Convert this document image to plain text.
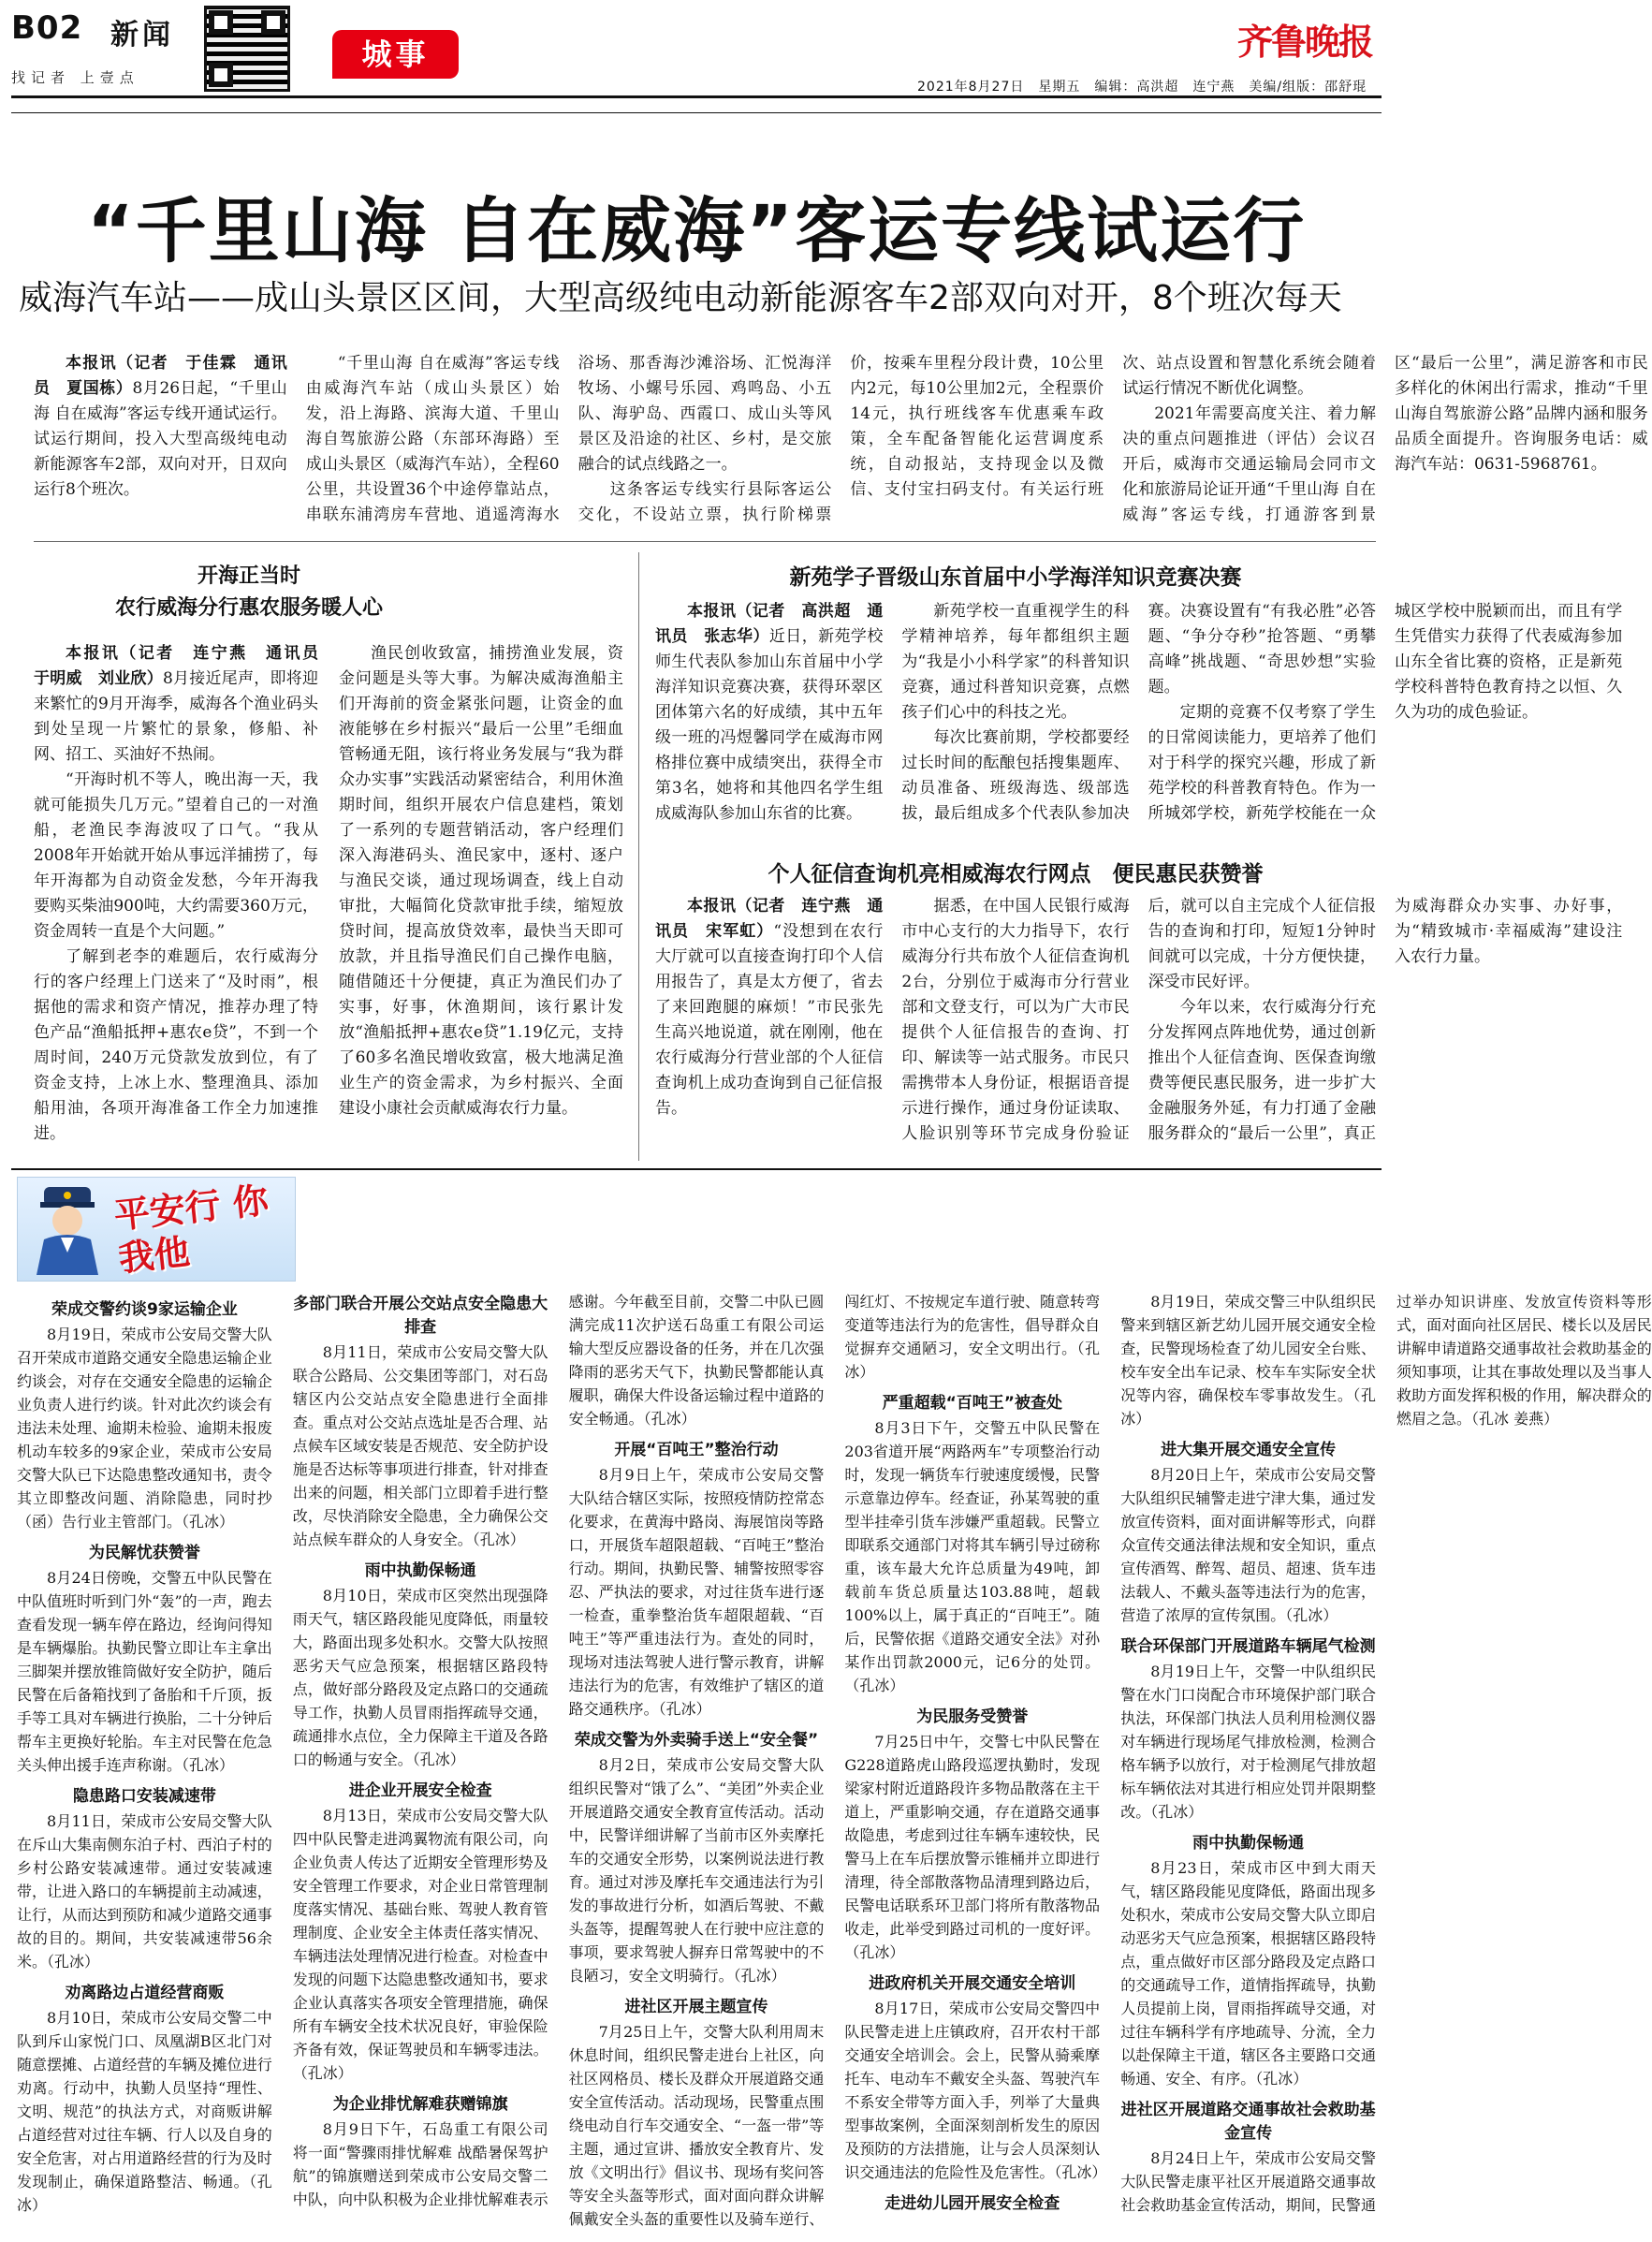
B02 新闻
找记者 上壹点
城事	齐鲁晚报
2021年8月27日　星期五　编辑：高洪超　连宁燕　美编/组版：邵舒琨
“千里山海 自在威海”客运专线试运行
威海汽车站——成山头景区区间，大型高级纯电动新能源客车2部双向对开，8个班次每天

本报讯（记者　于佳霖　通讯员　夏国栋）8月26日起，“千里山海 自在威海”客运专线开通试运行。试运行期间，投入大型高级纯电动新能源客车2部，双向对开，日双向运行8个班次。

“千里山海 自在威海”客运专线由威海汽车站（成山头景区）始发，沿上海路、滨海大道、千里山海自驾旅游公路（东部环海路）至成山头景区（威海汽车站），全程60公里，共设置36个中途停靠站点，串联东浦湾房车营地、逍遥湾海水浴场、那香海沙滩浴场、汇悦海洋牧场、小螺号乐园、鸡鸣岛、小五队、海驴岛、西霞口、成山头等风景区及沿途的社区、乡村，是交旅融合的试点线路之一。

这条客运专线实行县际客运公交化，不设站立票，执行阶梯票价，按乘车里程分段计费，10公里内2元，每10公里加2元，全程票价14元，执行班线客车优惠乘车政策，全车配备智能化运营调度系统，自动报站，支持现金以及微信、支付宝扫码支付。有关运行班次、站点设置和智慧化系统会随着试运行情况不断优化调整。

2021年需要高度关注、着力解决的重点问题推进（评估）会议召开后，威海市交通运输局会同市文化和旅游局论证开通“千里山海 自在威海”客运专线，打通游客到景区“最后一公里”，满足游客和市民多样化的休闲出行需求，推动“千里山海自驾旅游公路”品牌内涵和服务品质全面提升。咨询服务电话：威海汽车站：0631-5968761。

开海正当时
农行威海分行惠农服务暖人心

本报讯（记者　连宁燕　通讯员　于明威　刘业欣）8月接近尾声，即将迎来繁忙的9月开海季，威海各个渔业码头到处呈现一片繁忙的景象，修船、补网、招工、买油好不热闹。

“开海时机不等人，晚出海一天，我就可能损失几万元。”望着自己的一对渔船，老渔民李海波叹了口气。“我从2008年开始就开始从事远洋捕捞了，每年开海都为自动资金发愁，今年开海我要购买柴油900吨，大约需要360万元，资金周转一直是个大问题。”

了解到老李的难题后，农行威海分行的客户经理上门送来了“及时雨”，根据他的需求和资产情况，推荐办理了特色产品“渔船抵押+惠农e贷”，不到一个周时间，240万元贷款发放到位，有了资金支持，上冰上水、整理渔具、添加船用油，各项开海准备工作全力加速推进。

渔民创收致富，捕捞渔业发展，资金问题是头等大事。为解决威海渔船主们开海前的资金紧张问题，让资金的血液能够在乡村振兴“最后一公里”毛细血管畅通无阻，该行将业务发展与“我为群众办实事”实践活动紧密结合，利用休渔期时间，组织开展农户信息建档，策划了一系列的专题营销活动，客户经理们深入海港码头、渔民家中，逐村、逐户与渔民交谈，通过现场调查，线上自动审批，大幅简化贷款审批手续，缩短放贷时间，提高放贷效率，最快当天即可放款，并且指导渔民们自己操作电脑，随借随还十分便捷，真正为渔民们办了实事，好事，休渔期间，该行累计发放“渔船抵押+惠农e贷”1.19亿元，支持了60多名渔民增收致富，极大地满足渔业生产的资金需求，为乡村振兴、全面建设小康社会贡献威海农行力量。

新苑学子晋级山东首届中小学海洋知识竞赛决赛

本报讯（记者　高洪超　通讯员　张志华）近日，新苑学校师生代表队参加山东首届中小学海洋知识竞赛决赛，获得环翠区团体第六名的好成绩，其中五年级一班的冯煜馨同学在威海市网格排位赛中成绩突出，获得全市第3名，她将和其他四名学生组成威海队参加山东省的比赛。

新苑学校一直重视学生的科学精神培养，每年都组织主题为“我是小小科学家”的科普知识竞赛，通过科普知识竞赛，点燃孩子们心中的科技之光。

每次比赛前期，学校都要经过长时间的酝酿包括搜集题库、动员准备、班级海选、级部选拔，最后组成多个代表队参加决赛。决赛设置有“有我必胜”必答题、“争分夺秒”抢答题、“勇攀高峰”挑战题、“奇思妙想”实验题。

定期的竞赛不仅考察了学生的日常阅读能力，更培养了他们对于科学的探究兴趣，形成了新苑学校的科普教育特色。作为一所城郊学校，新苑学校能在一众城区学校中脱颖而出，而且有学生凭借实力获得了代表威海参加山东全省比赛的资格，正是新苑学校科普特色教育持之以恒、久久为功的成色验证。

个人征信查询机亮相威海农行网点　便民惠民获赞誉

本报讯（记者　连宁燕　通讯员　宋军虹）“没想到在农行大厅就可以直接查询打印个人信用报告了，真是太方便了，省去了来回跑腿的麻烦！”市民张先生高兴地说道，就在刚刚，他在农行威海分行营业部的个人征信查询机上成功查询到自己征信报告。

据悉，在中国人民银行威海市中心支行的大力指导下，农行威海分行共布放个人征信查询机2台，分别位于威海市分行营业部和文登支行，可以为广大市民提供个人征信报告的查询、打印、解读等一站式服务。市民只需携带本人身份证，根据语音提示进行操作，通过身份证读取、人脸识别等环节完成身份验证后，就可以自主完成个人征信报告的查询和打印，短短1分钟时间就可以完成，十分方便快捷，深受市民好评。

今年以来，农行威海分行充分发挥网点阵地优势，通过创新推出个人征信查询、医保查询缴费等便民惠民服务，进一步扩大金融服务外延，有力打通了金融服务群众的“最后一公里”，真正为威海群众办实事、办好事，为“精致城市·幸福威海”建设注入农行力量。

平安行 你我他

荣成交警约谈9家运输企业

8月19日，荣成市公安局交警大队召开荣成市道路交通安全隐患运输企业约谈会，对存在交通安全隐患的运输企业负责人进行约谈。针对此次约谈会有违法未处理、逾期未检验、逾期未报废机动车较多的9家企业，荣成市公安局交警大队已下达隐患整改通知书，责令其立即整改问题、消除隐患，同时抄（函）告行业主管部门。（孔冰）

为民解忧获赞誉

8月24日傍晚，交警五中队民警在中队值班时听到门外“轰”的一声，跑去查看发现一辆车停在路边，经询问得知是车辆爆胎。执勤民警立即让车主拿出三脚架并摆放锥筒做好安全防护，随后民警在后备箱找到了备胎和千斤顶，扳手等工具对车辆进行换胎，二十分钟后帮车主更换好轮胎。车主对民警在危急关头伸出援手连声称谢。（孔冰）

隐患路口安装减速带

8月11日，荣成市公安局交警大队在斥山大集南侧东泊子村、西泊子村的乡村公路安装减速带。通过安装减速带，让进入路口的车辆提前主动减速，让行，从而达到预防和减少道路交通事故的目的。期间，共安装减速带56余米。（孔冰）

劝离路边占道经营商贩

8月10日，荣成市公安局交警二中队到斥山家悦门口、凤凰湖B区北门对随意摆摊、占道经营的车辆及摊位进行劝离。行动中，执勤人员坚持“理性、文明、规范”的执法方式，对商贩讲解占道经营对过往车辆、行人以及自身的安全危害，对占用道路经营的行为及时发现制止，确保道路整洁、畅通。（孔冰）

多部门联合开展公交站点安全隐患大排查

8月11日，荣成市公安局交警大队联合公路局、公交集团等部门，对石岛辖区内公交站点安全隐患进行全面排查。重点对公交站点选址是否合理、站点候车区域安装是否规范、安全防护设施是否达标等事项进行排查，针对排查出来的问题，相关部门立即着手进行整改，尽快消除安全隐患，全力确保公交站点候车群众的人身安全。（孔冰）

雨中执勤保畅通

8月10日，荣成市区突然出现强降雨天气，辖区路段能见度降低，雨量较大，路面出现多处积水。交警大队按照恶劣天气应急预案，根据辖区路段特点，做好部分路段及定点路口的交通疏导工作，执勤人员冒雨指挥疏导交通，疏通排水点位，全力保障主干道及各路口的畅通与安全。（孔冰）

进企业开展安全检查

8月13日，荣成市公安局交警大队四中队民警走进鸿翼物流有限公司，向企业负责人传达了近期安全管理形势及安全管理工作要求，对企业日常管理制度落实情况、基础台账、驾驶人教育管理制度、企业安全主体责任落实情况、车辆违法处理情况进行检查。对检查中发现的问题下达隐患整改通知书，要求企业认真落实各项安全管理措施，确保所有车辆安全技术状况良好，审验保险齐备有效，保证驾驶员和车辆零违法。（孔冰）

为企业排忧解难获赠锦旗

8月9日下午，石岛重工有限公司将一面“警骤雨排忧解难 战酷暑保驾护航”的锦旗赠送到荣成市公安局交警二中队，向中队积极为企业排忧解难表示感谢。今年截至目前，交警二中队已圆满完成11次护送石岛重工有限公司运输大型反应器设备的任务，并在几次强降雨的恶劣天气下，执勤民警都能认真履职，确保大件设备运输过程中道路的安全畅通。（孔冰）

开展“百吨王”整治行动

8月9日上午，荣成市公安局交警大队结合辖区实际，按照疫情防控常态化要求，在黄海中路岗、海展馆岗等路口，开展货车超限超载、“百吨王”整治行动。期间，执勤民警、辅警按照零容忍、严执法的要求，对过往货车进行逐一检查，重拳整治货车超限超载、“百吨王”等严重违法行为。查处的同时，现场对违法驾驶人进行警示教育，讲解违法行为的危害，有效维护了辖区的道路交通秩序。（孔冰）

荣成交警为外卖骑手送上“安全餐”

8月2日，荣成市公安局交警大队组织民警对“饿了么”、“美团”外卖企业开展道路交通安全教育宣传活动。活动中，民警详细讲解了当前市区外卖摩托车的交通安全形势，以案例说法进行教育。通过对涉及摩托车交通违法行为引发的事故进行分析，如酒后驾驶、不戴头盔等，提醒驾驶人在行驶中应注意的事项，要求驾驶人摒弃日常驾驶中的不良陋习，安全文明骑行。（孔冰）

进社区开展主题宣传

7月25日上午，交警大队利用周末休息时间，组织民警走进台上社区，向社区网格员、楼长及群众开展道路交通安全宣传活动。活动现场，民警重点围绕电动自行车交通安全、“一盔一带”等主题，通过宣讲、播放安全教育片、发放《文明出行》倡议书、现场有奖问答等安全头盔等形式，面对面向群众讲解佩戴安全头盔的重要性以及骑车逆行、闯红灯、不按规定车道行驶、随意转弯变道等违法行为的危害性，倡导群众自觉摒弃交通陋习，安全文明出行。（孔冰）

严重超载“百吨王”被查处

8月3日下午，交警五中队民警在203省道开展“两路两车”专项整治行动时，发现一辆货车行驶速度缓慢，民警示意靠边停车。经查证，孙某驾驶的重型半挂牵引货车涉嫌严重超载。民警立即联系交通部门对将其车辆引导过磅称重，该车最大允许总质量为49吨，卸载前车货总质量达103.88吨，超载100%以上，属于真正的“百吨王”。随后，民警依据《道路交通安全法》对孙某作出罚款2000元，记6分的处罚。（孔冰）

为民服务受赞誉

7月25日中午，交警七中队民警在G228道路虎山路段巡逻执勤时，发现梁家村附近道路段许多物品散落在主干道上，严重影响交通，存在道路交通事故隐患，考虑到过往车辆车速较快，民警马上在车后摆放警示锥桶并立即进行清理，待全部散落物品清理到路边后，民警电话联系环卫部门将所有散落物品收走，此举受到路过司机的一度好评。（孔冰）

进政府机关开展交通安全培训

8月17日，荣成市公安局交警四中队民警走进上庄镇政府，召开农村干部交通安全培训会。会上，民警从骑乘摩托车、电动车不戴安全头盔、驾驶汽车不系安全带等方面入手，列举了大量典型事故案例，全面深刻剖析发生的原因及预防的方法措施，让与会人员深刻认识交通违法的危险性及危害性。（孔冰）

走进幼儿园开展安全检查

8月19日，荣成交警三中队组织民警来到辖区新艺幼儿园开展交通安全检查，民警现场检查了幼儿园安全台账、校车安全出车记录、校车车实际安全状况等内容，确保校车零事故发生。（孔冰）

进大集开展交通安全宣传

8月20日上午，荣成市公安局交警大队组织民辅警走进宁津大集，通过发放宣传资料，面对面讲解等形式，向群众宣传交通法律法规和安全知识，重点宣传酒驾、醉驾、超员、超速、货车违法载人、不戴头盔等违法行为的危害，营造了浓厚的宣传氛围。（孔冰）

联合环保部门开展道路车辆尾气检测

8月19日上午，交警一中队组织民警在水门口岗配合市环境保护部门联合执法，环保部门执法人员利用检测仪器对车辆进行现场尾气排放检测，检测合格车辆予以放行，对于检测尾气排放超标车辆依法对其进行相应处罚并限期整改。（孔冰）

雨中执勤保畅通

8月23日，荣成市区中到大雨天气，辖区路段能见度降低，路面出现多处积水，荣成市公安局交警大队立即启动恶劣天气应急预案，根据辖区路段特点，重点做好市区部分路段及定点路口的交通疏导工作，道情指挥疏导，执勤人员提前上岗，冒雨指挥疏导交通，对过往车辆科学有序地疏导、分流，全力以赴保障主干道，辖区各主要路口交通畅通、安全、有序。（孔冰）

进社区开展道路交通事故社会救助基金宣传

8月24日上午，荣成市公安局交警大队民警走康平社区开展道路交通事故社会救助基金宣传活动，期间，民警通过举办知识讲座、发放宣传资料等形式，面对面向社区居民、楼长以及居民讲解申请道路交通事故社会救助基金的须知事项，让其在事故处理以及当事人救助方面发挥积极的作用，解决群众的燃眉之急。（孔冰 姜燕）
